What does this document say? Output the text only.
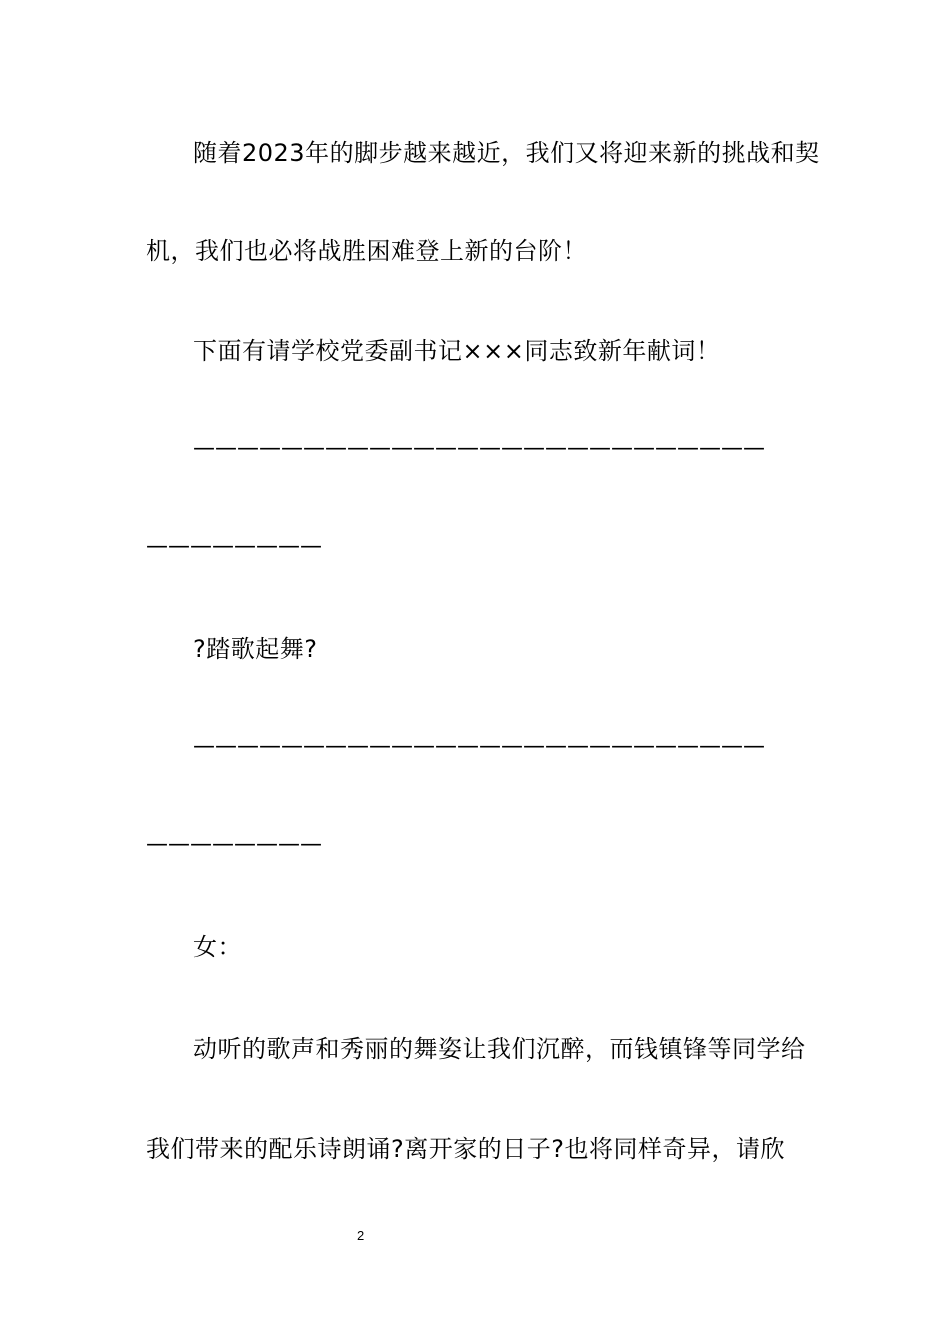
随着2023年的脚步越来越近，我们又将迎来新的挑战和契
机，我们也必将战胜困难登上新的台阶！
下面有请学校党委副书记×××同志致新年献词！
——————————————————————————
————————
?踏歌起舞?
——————————————————————————
————————
女：
动听的歌声和秀丽的舞姿让我们沉醉，而钱镇锋等同学给
我们带来的配乐诗朗诵?离开家的日子?也将同样奇异，请欣
2
